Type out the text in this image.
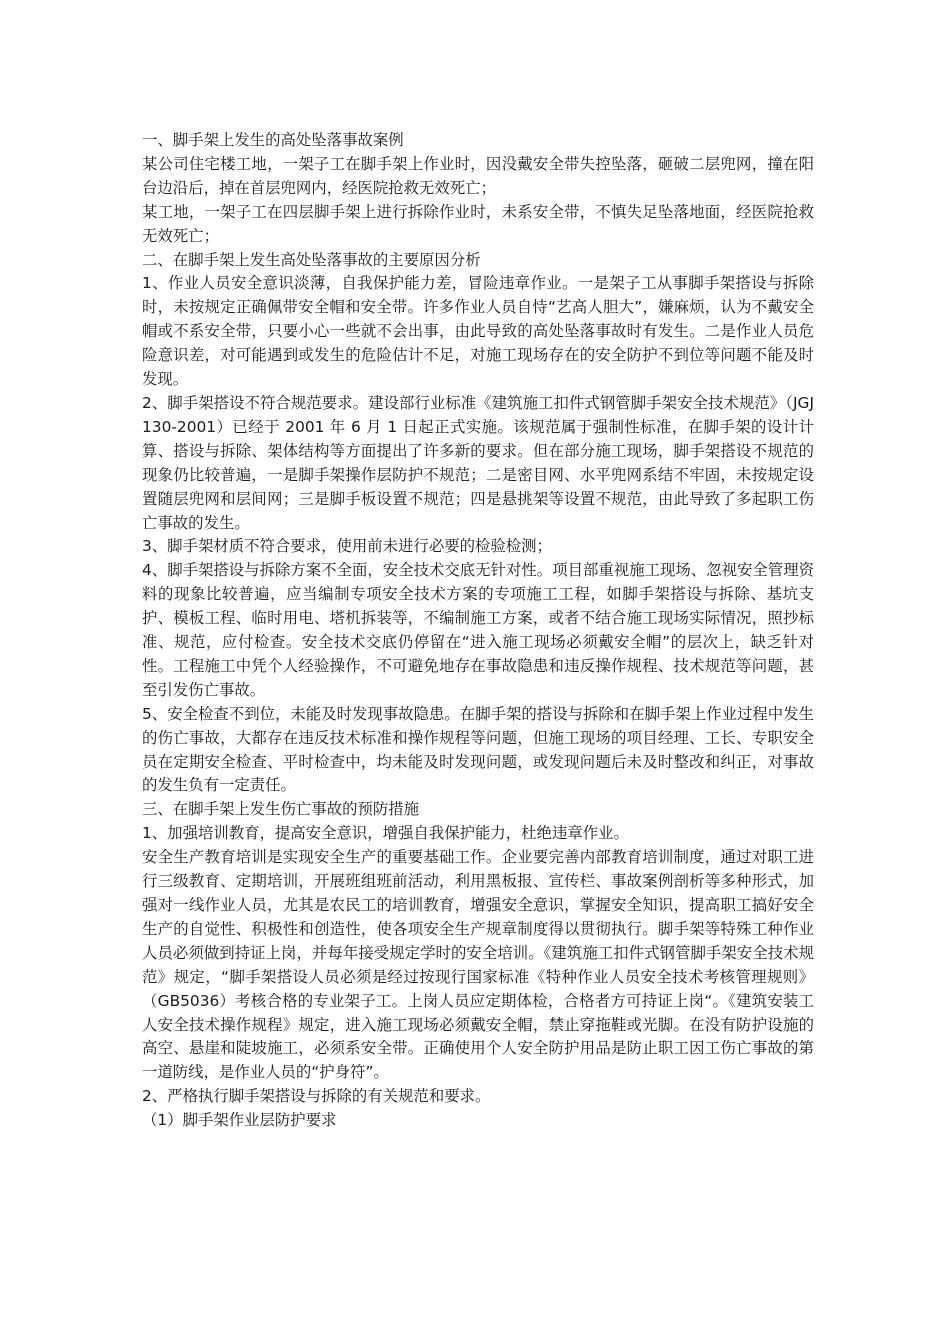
一、脚手架上发生的高处坠落事故案例

某公司住宅楼工地，一架子工在脚手架上作业时，因没戴安全带失控坠落，砸破二层兜网，撞在阳台边沿后，掉在首层兜网内，经医院抢救无效死亡；

某工地，一架子工在四层脚手架上进行拆除作业时，未系安全带，不慎失足坠落地面，经医院抢救无效死亡；

二、在脚手架上发生高处坠落事故的主要原因分析

1、作业人员安全意识淡薄，自我保护能力差，冒险违章作业。一是架子工从事脚手架搭设与拆除时，未按规定正确佩带安全帽和安全带。许多作业人员自恃“艺高人胆大”，嫌麻烦，认为不戴安全帽或不系安全带，只要小心一些就不会出事，由此导致的高处坠落事故时有发生。二是作业人员危险意识差，对可能遇到或发生的危险估计不足，对施工现场存在的安全防护不到位等问题不能及时发现。

2、脚手架搭设不符合规范要求。建设部行业标准《建筑施工扣件式钢管脚手架安全技术规范》（JGJ130-2001）已经于 2001 年 6 月 1 日起正式实施。该规范属于强制性标准，在脚手架的设计计算、搭设与拆除、架体结构等方面提出了许多新的要求。但在部分施工现场，脚手架搭设不规范的现象仍比较普遍，一是脚手架操作层防护不规范；二是密目网、水平兜网系结不牢固，未按规定设置随层兜网和层间网；三是脚手板设置不规范；四是悬挑架等设置不规范，由此导致了多起职工伤亡事故的发生。

3、脚手架材质不符合要求，使用前未进行必要的检验检测；

4、脚手架搭设与拆除方案不全面，安全技术交底无针对性。项目部重视施工现场、忽视安全管理资料的现象比较普遍，应当编制专项安全技术方案的专项施工工程，如脚手架搭设与拆除、基坑支护、模板工程、临时用电、塔机拆装等，不编制施工方案，或者不结合施工现场实际情况，照抄标准、规范，应付检查。安全技术交底仍停留在“进入施工现场必须戴安全帽”的层次上，缺乏针对性。工程施工中凭个人经验操作，不可避免地存在事故隐患和违反操作规程、技术规范等问题，甚至引发伤亡事故。

5、安全检查不到位，未能及时发现事故隐患。在脚手架的搭设与拆除和在脚手架上作业过程中发生的伤亡事故，大都存在违反技术标准和操作规程等问题，但施工现场的项目经理、工长、专职安全员在定期安全检查、平时检查中，均未能及时发现问题，或发现问题后未及时整改和纠正，对事故的发生负有一定责任。

三、在脚手架上发生伤亡事故的预防措施

1、加强培训教育，提高安全意识，增强自我保护能力，杜绝违章作业。

安全生产教育培训是实现安全生产的重要基础工作。企业要完善内部教育培训制度，通过对职工进行三级教育、定期培训，开展班组班前活动，利用黑板报、宣传栏、事故案例剖析等多种形式，加强对一线作业人员，尤其是农民工的培训教育，增强安全意识，掌握安全知识，提高职工搞好安全生产的自觉性、积极性和创造性，使各项安全生产规章制度得以贯彻执行。脚手架等特殊工种作业人员必须做到持证上岗，并每年接受规定学时的安全培训。《建筑施工扣件式钢管脚手架安全技术规范》规定，“脚手架搭设人员必须是经过按现行国家标准《特种作业人员安全技术考核管理规则》（GB5036）考核合格的专业架子工。上岗人员应定期体检，合格者方可持证上岗“。《建筑安装工人安全技术操作规程》规定，进入施工现场必须戴安全帽，禁止穿拖鞋或光脚。在没有防护设施的高空、悬崖和陡坡施工，必须系安全带。正确使用个人安全防护用品是防止职工因工伤亡事故的第一道防线，是作业人员的“护身符”。

2、严格执行脚手架搭设与拆除的有关规范和要求。

（1）脚手架作业层防护要求
